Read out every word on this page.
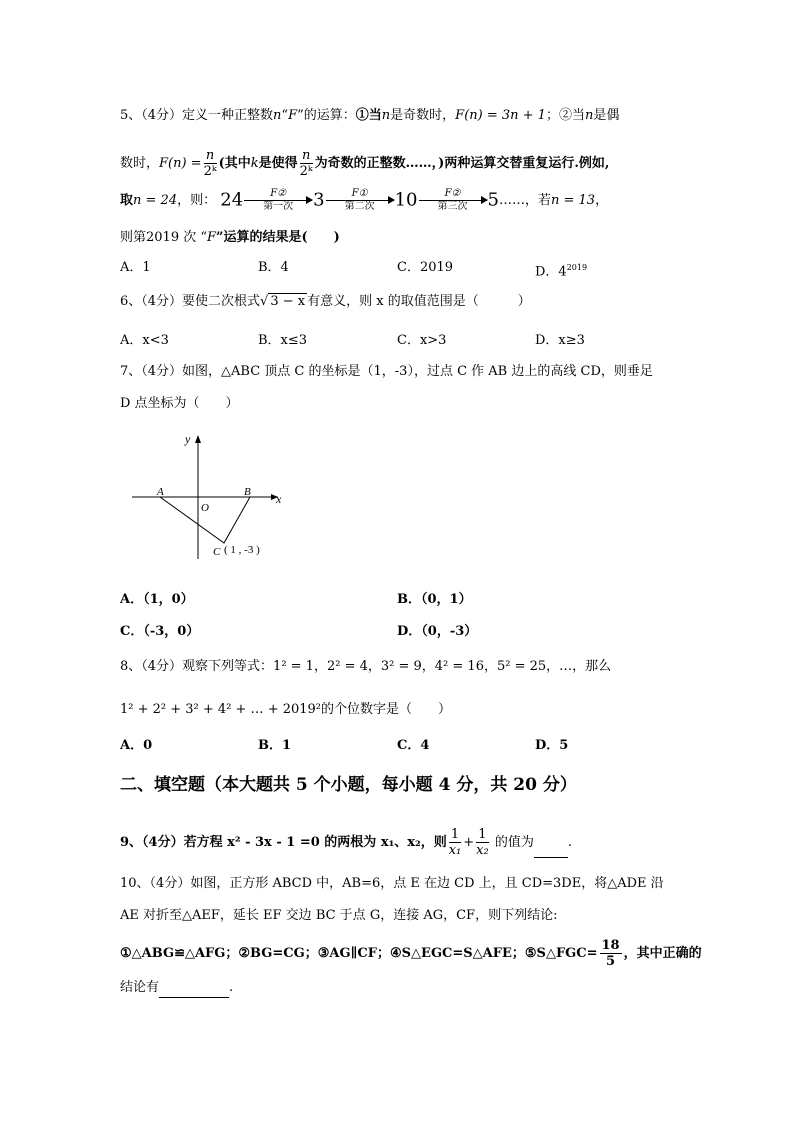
5、（4分）定义一种正整数n“F”的运算：①当n是奇数时，F(n) = 3n + 1；②当n是偶
数时，$F(n) = \frac{n}{\text{2ᵏ}}$ (其中k是使得 $\frac{n}{\text{2ᵏ}}$ 为奇数的正整数……，)两种运算交替重复运行.例如,
取n = 24，则： 24	F②
第一次	3	F①
第二次	10	F②
第三次	5……，若n = 13，
则第2019 次 “F”运算的结果是(　　)
A．1	B．4	C．2019	D．$4^{2019}$
6、（4分）要使二次根式√ 3 − x 有意义，则 x 的取值范围是（　　　）
A．x<3	B．x≤3	C．x>3	D．x≥3
7、（4分）如图，△ABC 顶点 C 的坐标是（1，-3），过点 C 作 AB 边上的高线 CD，则垂足
D 点坐标为（　　）
y
x
A	B
O
C ( 1 , -3 )
A．（1，0）	B．（0，1）
C．（-3，0）	D．（0，-3）
8、（4分）观察下列等式：1² = 1，2² = 4，3² = 9，4² = 16，5² = 25，…，那么
1² + 2² + 3² + 4² + … + 2019²的个位数字是（　　）
A．0	B．1	C．4	D．5
二、填空题（本大题共 5 个小题，每小题 4 分，共 20 分）
9、（4分）若方程 x² - 3x - 1 =0 的两根为 x₁、x₂，则 $\frac{1}{\text{x₁}} + \frac{1}{\text{x₂}}$ 的值为	.
10、（4分）如图，正方形 ABCD 中，AB=6，点 E 在边 CD 上，且 CD=3DE，将△ADE 沿
AE 对折至△AEF，延长 EF 交边 BC 于点 G，连接 AG，CF，则下列结论:
①△ABG≌△AFG；②BG=CG；③AG∥CF；④S△EGC=S△AFE；⑤S△FGC= $\frac{18}{5}$ ，其中正确的
结论有	.
